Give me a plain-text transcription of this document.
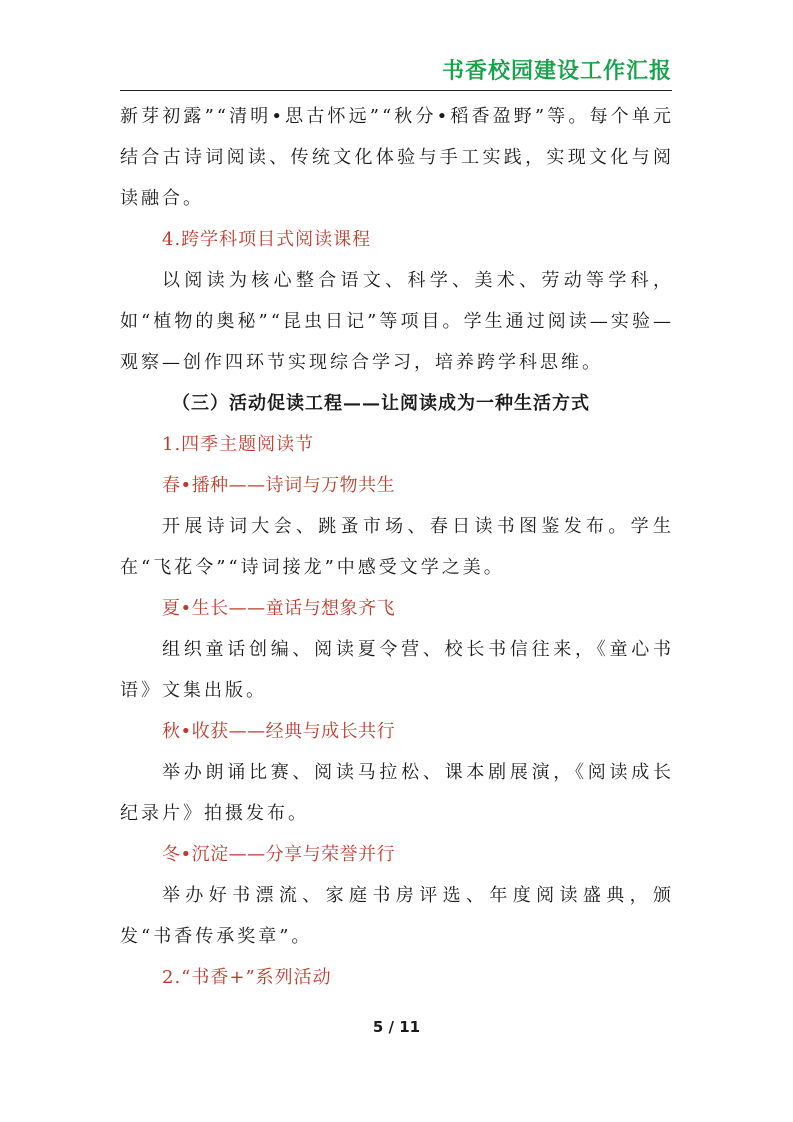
书香校园建设工作汇报

新芽初露”“清明•思古怀远”“秋分•稻香盈野”等。每个单元结合古诗词阅读、传统文化体验与手工实践，实现文化与阅读融合。

4.跨学科项目式阅读课程

以阅读为核心整合语文、科学、美术、劳动等学科，如“植物的奥秘”“昆虫日记”等项目。学生通过阅读—实验—观察—创作四环节实现综合学习，培养跨学科思维。

（三）活动促读工程——让阅读成为一种生活方式

1.四季主题阅读节

春•播种——诗词与万物共生

开展诗词大会、跳蚤市场、春日读书图鉴发布。学生在“飞花令”“诗词接龙”中感受文学之美。

夏•生长——童话与想象齐飞

组织童话创编、阅读夏令营、校长书信往来，《童心书语》文集出版。

秋•收获——经典与成长共行

举办朗诵比赛、阅读马拉松、课本剧展演，《阅读成长纪录片》拍摄发布。

冬•沉淀——分享与荣誉并行

举办好书漂流、家庭书房评选、年度阅读盛典，颁发“书香传承奖章”。

2.“书香+”系列活动

5 / 11
